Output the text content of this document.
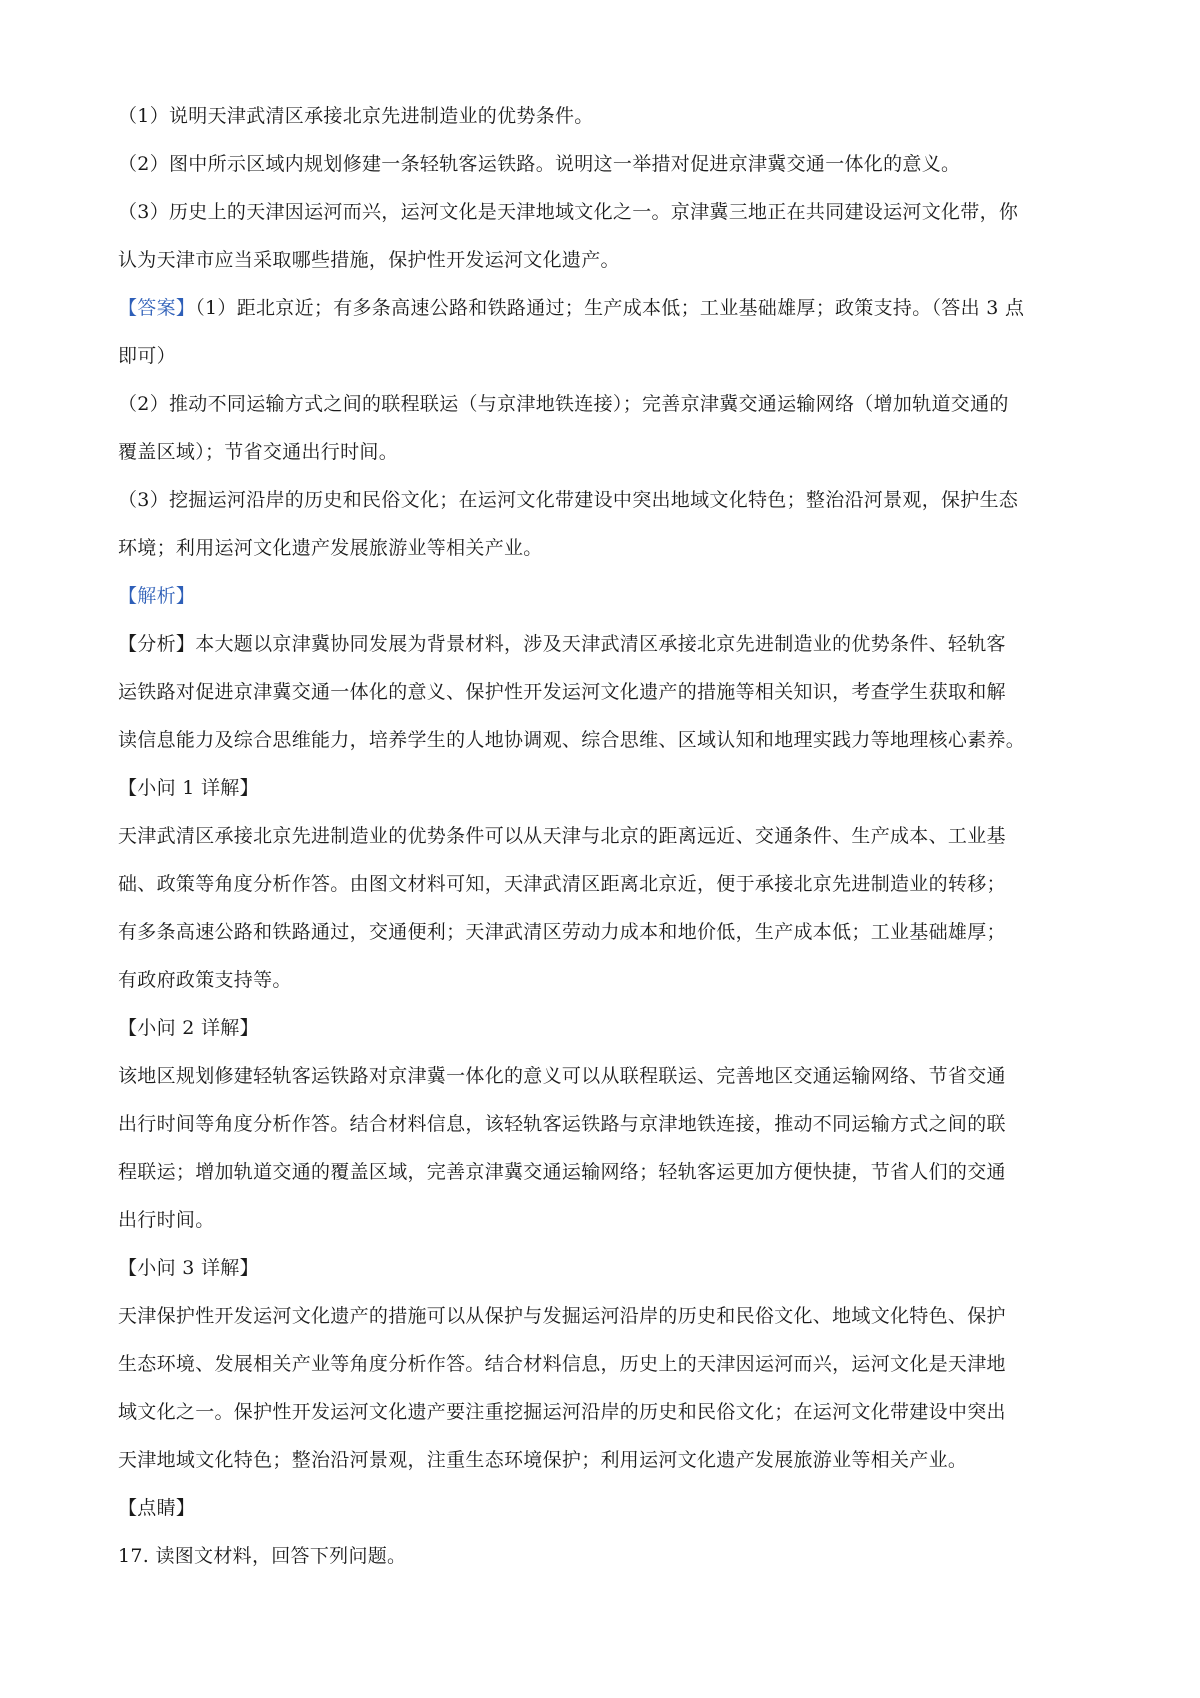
（1）说明天津武清区承接北京先进制造业的优势条件。
（2）图中所示区域内规划修建一条轻轨客运铁路。说明这一举措对促进京津冀交通一体化的意义。
（3）历史上的天津因运河而兴，运河文化是天津地域文化之一。京津冀三地正在共同建设运河文化带，你
认为天津市应当采取哪些措施，保护性开发运河文化遗产。
【答案】（1）距北京近；有多条高速公路和铁路通过；生产成本低；工业基础雄厚；政策支持。（答出 3 点
即可）
（2）推动不同运输方式之间的联程联运（与京津地铁连接）；完善京津冀交通运输网络（增加轨道交通的
覆盖区域）；节省交通出行时间。
（3）挖掘运河沿岸的历史和民俗文化；在运河文化带建设中突出地域文化特色；整治沿河景观，保护生态
环境；利用运河文化遗产发展旅游业等相关产业。
【解析】
【分析】本大题以京津冀协同发展为背景材料，涉及天津武清区承接北京先进制造业的优势条件、轻轨客
运铁路对促进京津冀交通一体化的意义、保护性开发运河文化遗产的措施等相关知识，考查学生获取和解
读信息能力及综合思维能力，培养学生的人地协调观、综合思维、区域认知和地理实践力等地理核心素养。
【小问 1 详解】
天津武清区承接北京先进制造业的优势条件可以从天津与北京的距离远近、交通条件、生产成本、工业基
础、政策等角度分析作答。由图文材料可知，天津武清区距离北京近，便于承接北京先进制造业的转移；
有多条高速公路和铁路通过，交通便利；天津武清区劳动力成本和地价低，生产成本低；工业基础雄厚；
有政府政策支持等。
【小问 2 详解】
该地区规划修建轻轨客运铁路对京津冀一体化的意义可以从联程联运、完善地区交通运输网络、节省交通
出行时间等角度分析作答。结合材料信息，该轻轨客运铁路与京津地铁连接，推动不同运输方式之间的联
程联运；增加轨道交通的覆盖区域，完善京津冀交通运输网络；轻轨客运更加方便快捷，节省人们的交通
出行时间。
【小问 3 详解】
天津保护性开发运河文化遗产的措施可以从保护与发掘运河沿岸的历史和民俗文化、地域文化特色、保护
生态环境、发展相关产业等角度分析作答。结合材料信息，历史上的天津因运河而兴，运河文化是天津地
域文化之一。保护性开发运河文化遗产要注重挖掘运河沿岸的历史和民俗文化；在运河文化带建设中突出
天津地域文化特色；整治沿河景观，注重生态环境保护；利用运河文化遗产发展旅游业等相关产业。
【点睛】
17. 读图文材料，回答下列问题。
